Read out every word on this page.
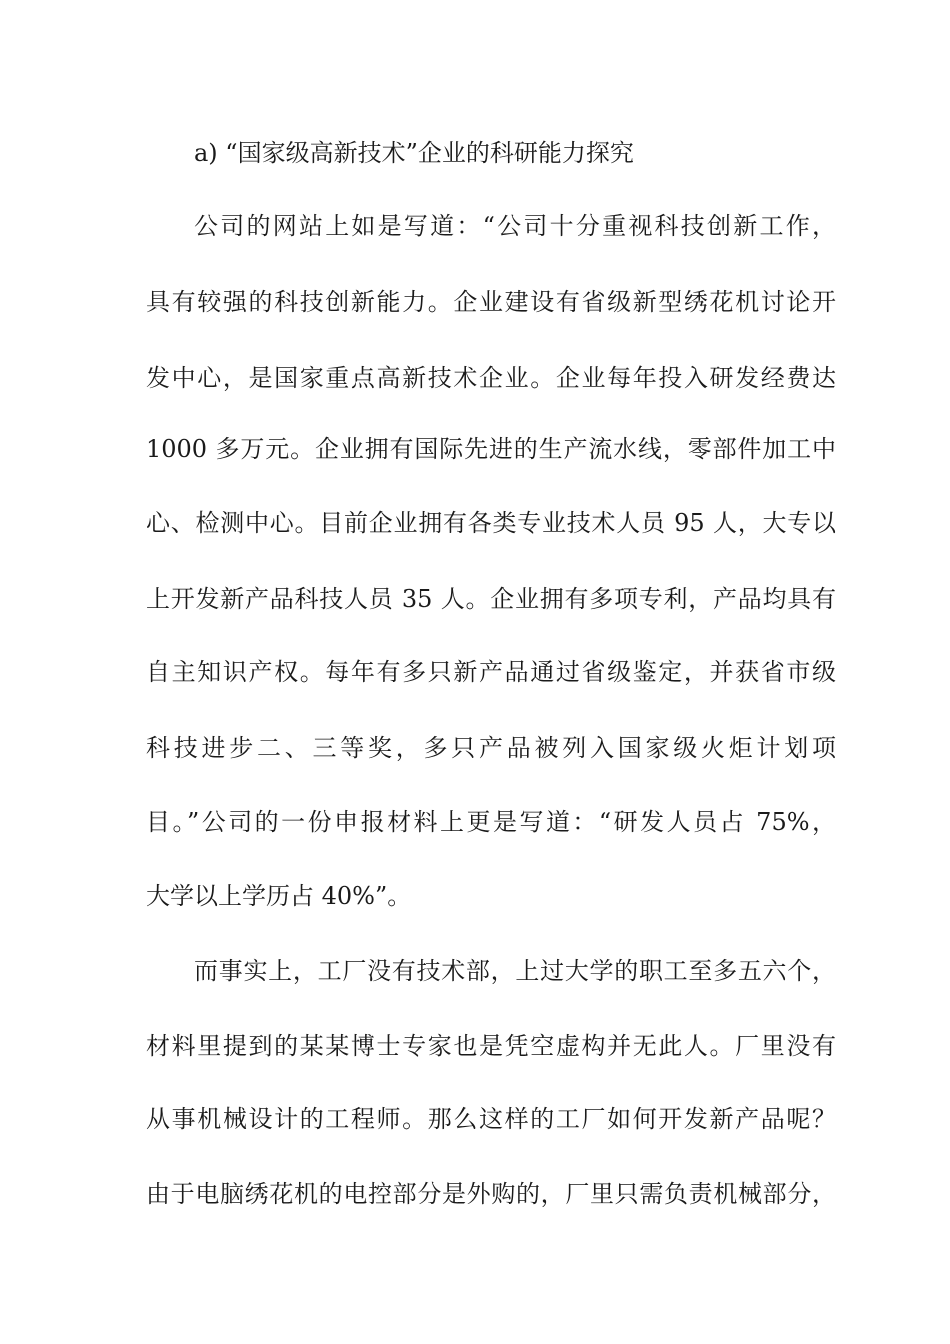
a) “国家级高新技术”企业的科研能力探究
公司的网站上如是写道：“公司十分重视科技创新工作，
具有较强的科技创新能力。企业建设有省级新型绣花机讨论开
发中心，是国家重点高新技术企业。企业每年投入研发经费达
1000 多万元。企业拥有国际先进的生产流水线，零部件加工中
心、检测中心。目前企业拥有各类专业技术人员 95 人，大专以
上开发新产品科技人员 35 人。企业拥有多项专利，产品均具有
自主知识产权。每年有多只新产品通过省级鉴定，并获省市级
科技进步二、三等奖，多只产品被列入国家级火炬计划项
目。”公司的一份申报材料上更是写道：“研发人员占 75%，
大学以上学历占 40%”。
而事实上，工厂没有技术部，上过大学的职工至多五六个，
材料里提到的某某博士专家也是凭空虚构并无此人。厂里没有
从事机械设计的工程师。那么这样的工厂如何开发新产品呢？
由于电脑绣花机的电控部分是外购的，厂里只需负责机械部分，
